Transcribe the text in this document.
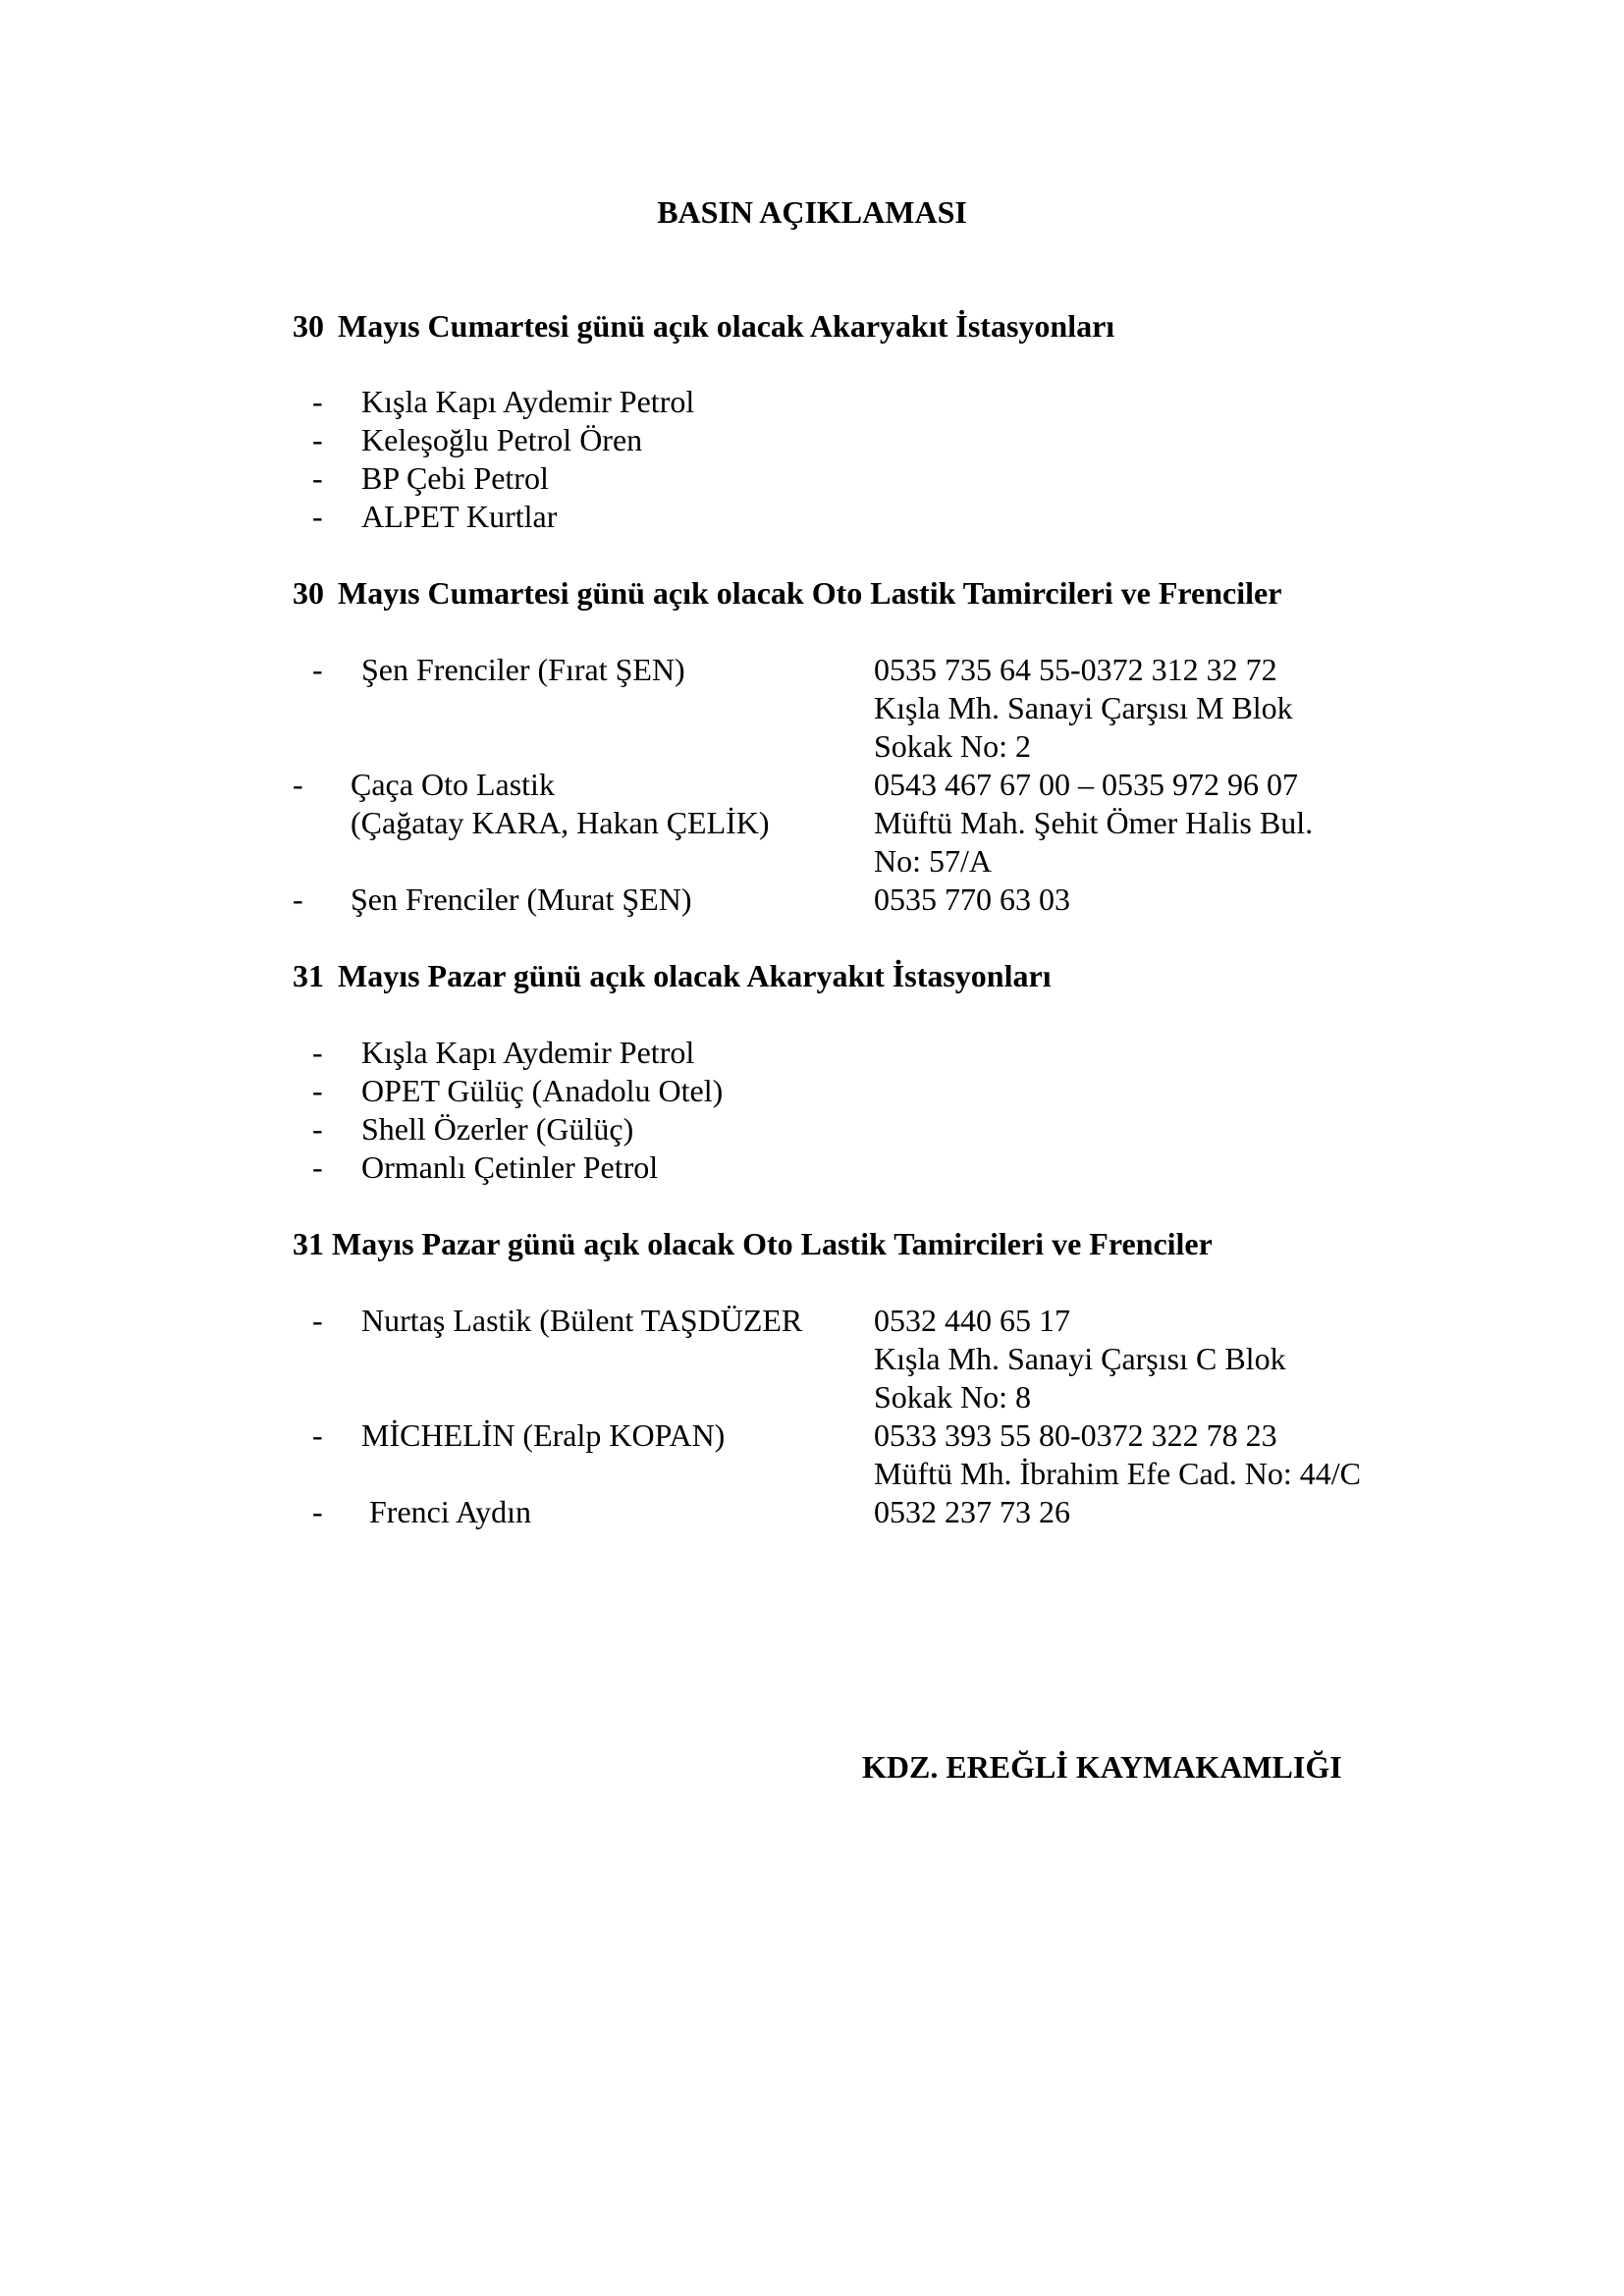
BASIN AÇIKLAMASI
30 Mayıs Cumartesi günü açık olacak Akaryakıt İstasyonları
- Kışla Kapı Aydemir Petrol
- Keleşoğlu Petrol Ören
- BP Çebi Petrol
- ALPET Kurtlar
30 Mayıs Cumartesi günü açık olacak Oto Lastik Tamircileri ve Frenciler
- Şen Frenciler (Fırat ŞEN)	0535 735 64 55-0372 312 32 72
Kışla Mh. Sanayi Çarşısı M Blok
Sokak No: 2
- Çaça Oto Lastik	0543 467 67 00 – 0535 972 96 07
(Çağatay KARA, Hakan ÇELİK)	Müftü Mah. Şehit Ömer Halis Bul.
No: 57/A
- Şen Frenciler (Murat ŞEN)	0535 770 63 03
31 Mayıs Pazar günü açık olacak Akaryakıt İstasyonları
- Kışla Kapı Aydemir Petrol
- OPET Gülüç (Anadolu Otel)
- Shell Özerler (Gülüç)
- Ormanlı Çetinler Petrol
31 Mayıs Pazar günü açık olacak Oto Lastik Tamircileri ve Frenciler
- Nurtaş Lastik (Bülent TAŞDÜZER 0532 440 65 17
Kışla Mh. Sanayi Çarşısı C Blok
Sokak No: 8
- MİCHELİN (Eralp KOPAN)	0533 393 55 80-0372 322 78 23
Müftü Mh. İbrahim Efe Cad. No: 44/C
- Frenci Aydın	0532 237 73 26
KDZ. EREĞLİ KAYMAKAMLIĞI
